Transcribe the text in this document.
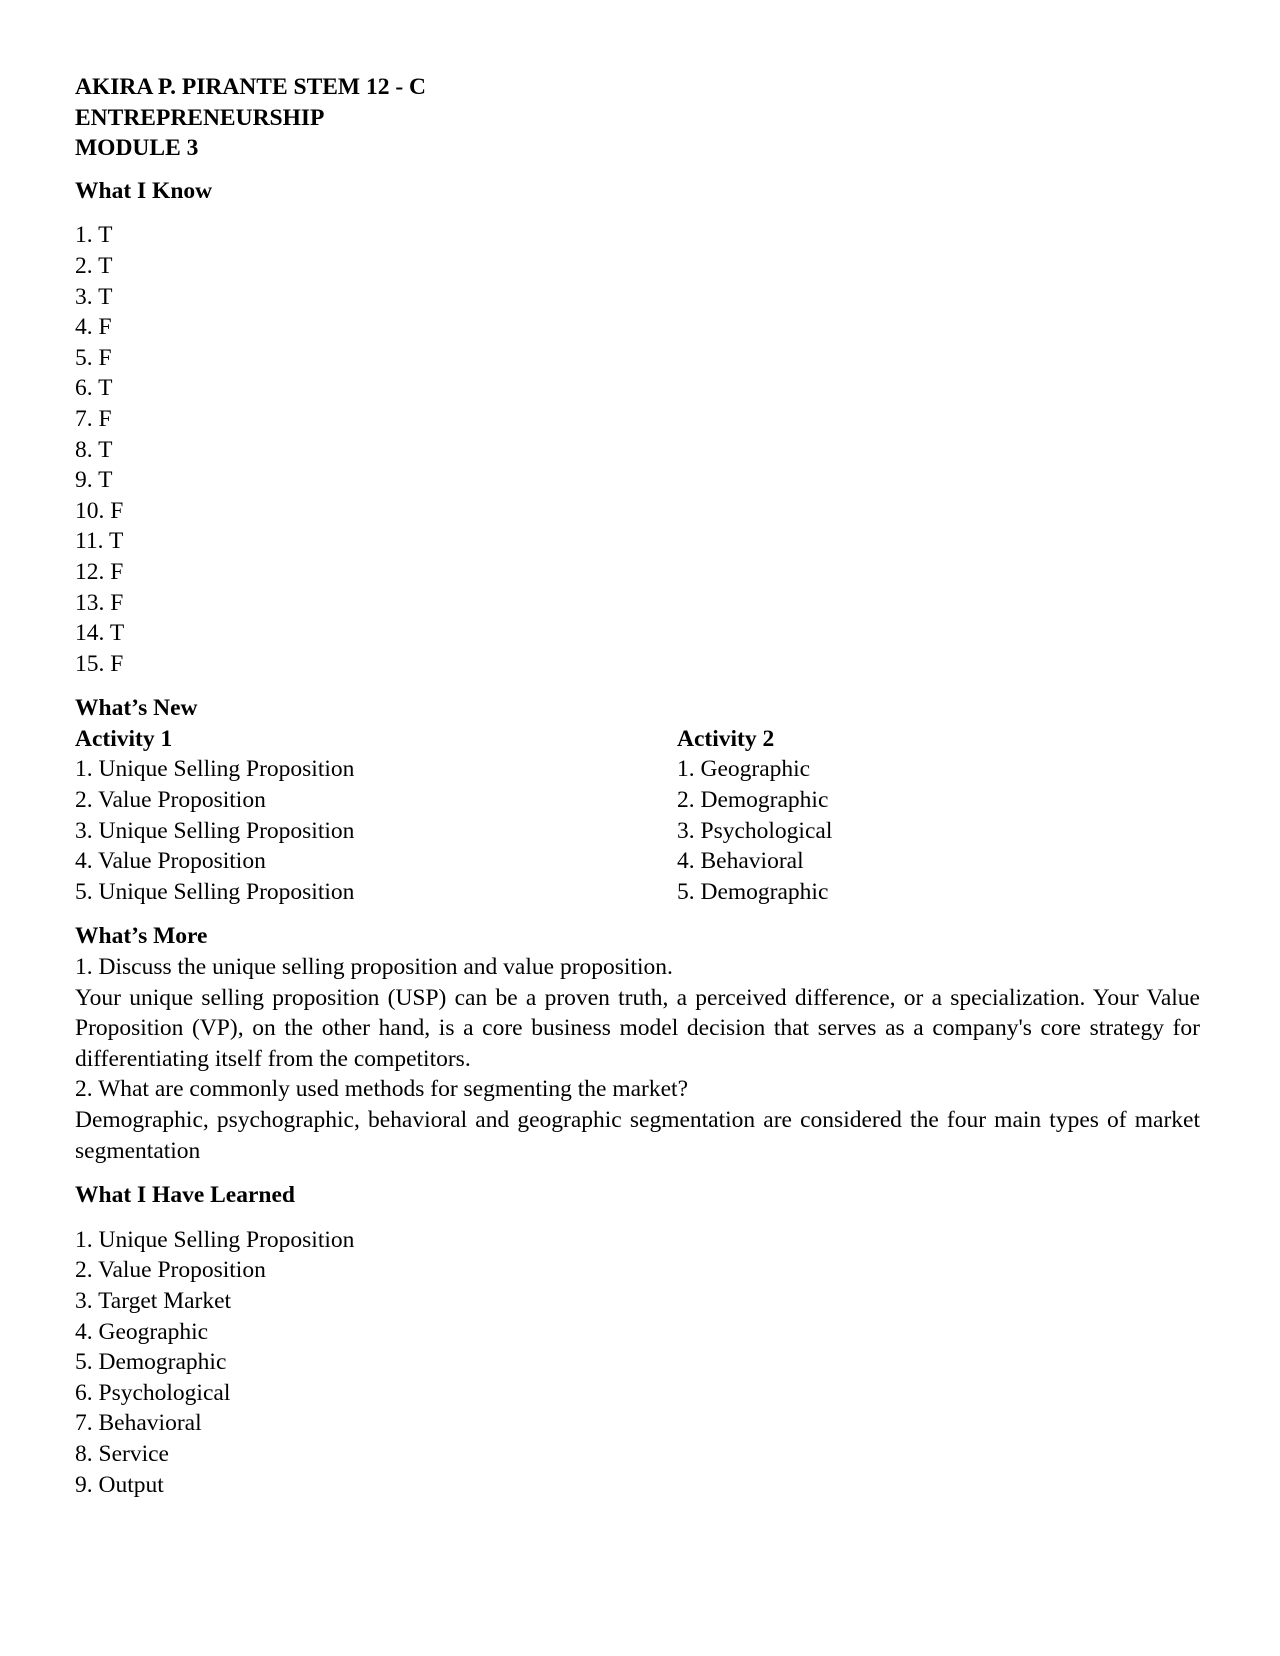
AKIRA P. PIRANTE STEM 12 - C
ENTREPRENEURSHIP
MODULE 3
What I Know
1. T
2. T
3. T
4. F
5. F
6. T
7. F
8. T
9. T
10. F
11. T
12. F
13. F
14. T
15. F
What’s New
Activity 1
1. Unique Selling Proposition
2. Value Proposition
3. Unique Selling Proposition
4. Value Proposition
5. Unique Selling Proposition
Activity 2
1. Geographic
2. Demographic
3. Psychological
4. Behavioral
5. Demographic
What’s More

1. Discuss the unique selling proposition and value proposition.

Your unique selling proposition (USP) can be a proven truth, a perceived difference, or a specialization. Your Value Proposition (VP), on the other hand, is a core business model decision that serves as a company's core strategy for differentiating itself from the competitors.

2. What are commonly used methods for segmenting the market?

Demographic, psychographic, behavioral and geographic segmentation are considered the four main types of market segmentation

What I Have Learned
1. Unique Selling Proposition
2. Value Proposition
3. Target Market
4. Geographic
5. Demographic
6. Psychological
7. Behavioral
8. Service
9. Output
